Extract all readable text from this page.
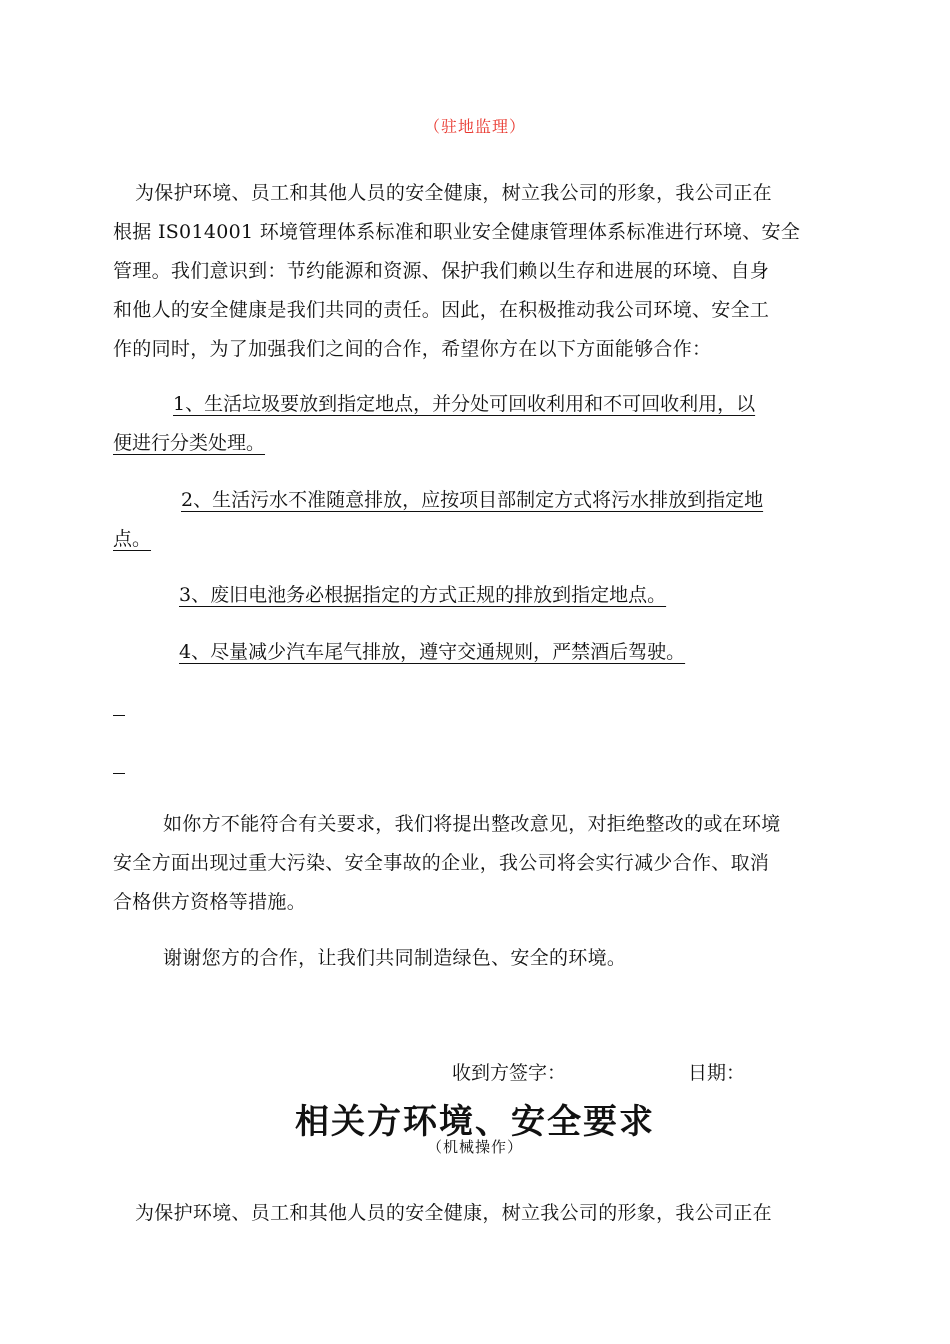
（驻地监理）
为保护环境、员工和其他人员的安全健康，树立我公司的形象，我公司正在
根据 IS014001 环境管理体系标准和职业安全健康管理体系标准进行环境、安全
管理。我们意识到：节约能源和资源、保护我们赖以生存和进展的环境、自身
和他人的安全健康是我们共同的责任。因此，在积极推动我公司环境、安全工
作的同时，为了加强我们之间的合作，希望你方在以下方面能够合作：
1、生活垃圾要放到指定地点，并分处可回收利用和不可回收利用，以
便进行分类处理。
2、生活污水不准随意排放，应按项目部制定方式将污水排放到指定地
点。
3、废旧电池务必根据指定的方式正规的排放到指定地点。
4、尽量减少汽车尾气排放，遵守交通规则，严禁酒后驾驶。
如你方不能符合有关要求，我们将提出整改意见，对拒绝整改的或在环境
安全方面出现过重大污染、安全事故的企业，我公司将会实行减少合作、取消
合格供方资格等措施。
谢谢您方的合作，让我们共同制造绿色、安全的环境。
收到方签字：	日期：
相关方环境、安全要求
（机械操作）
为保护环境、员工和其他人员的安全健康，树立我公司的形象，我公司正在
